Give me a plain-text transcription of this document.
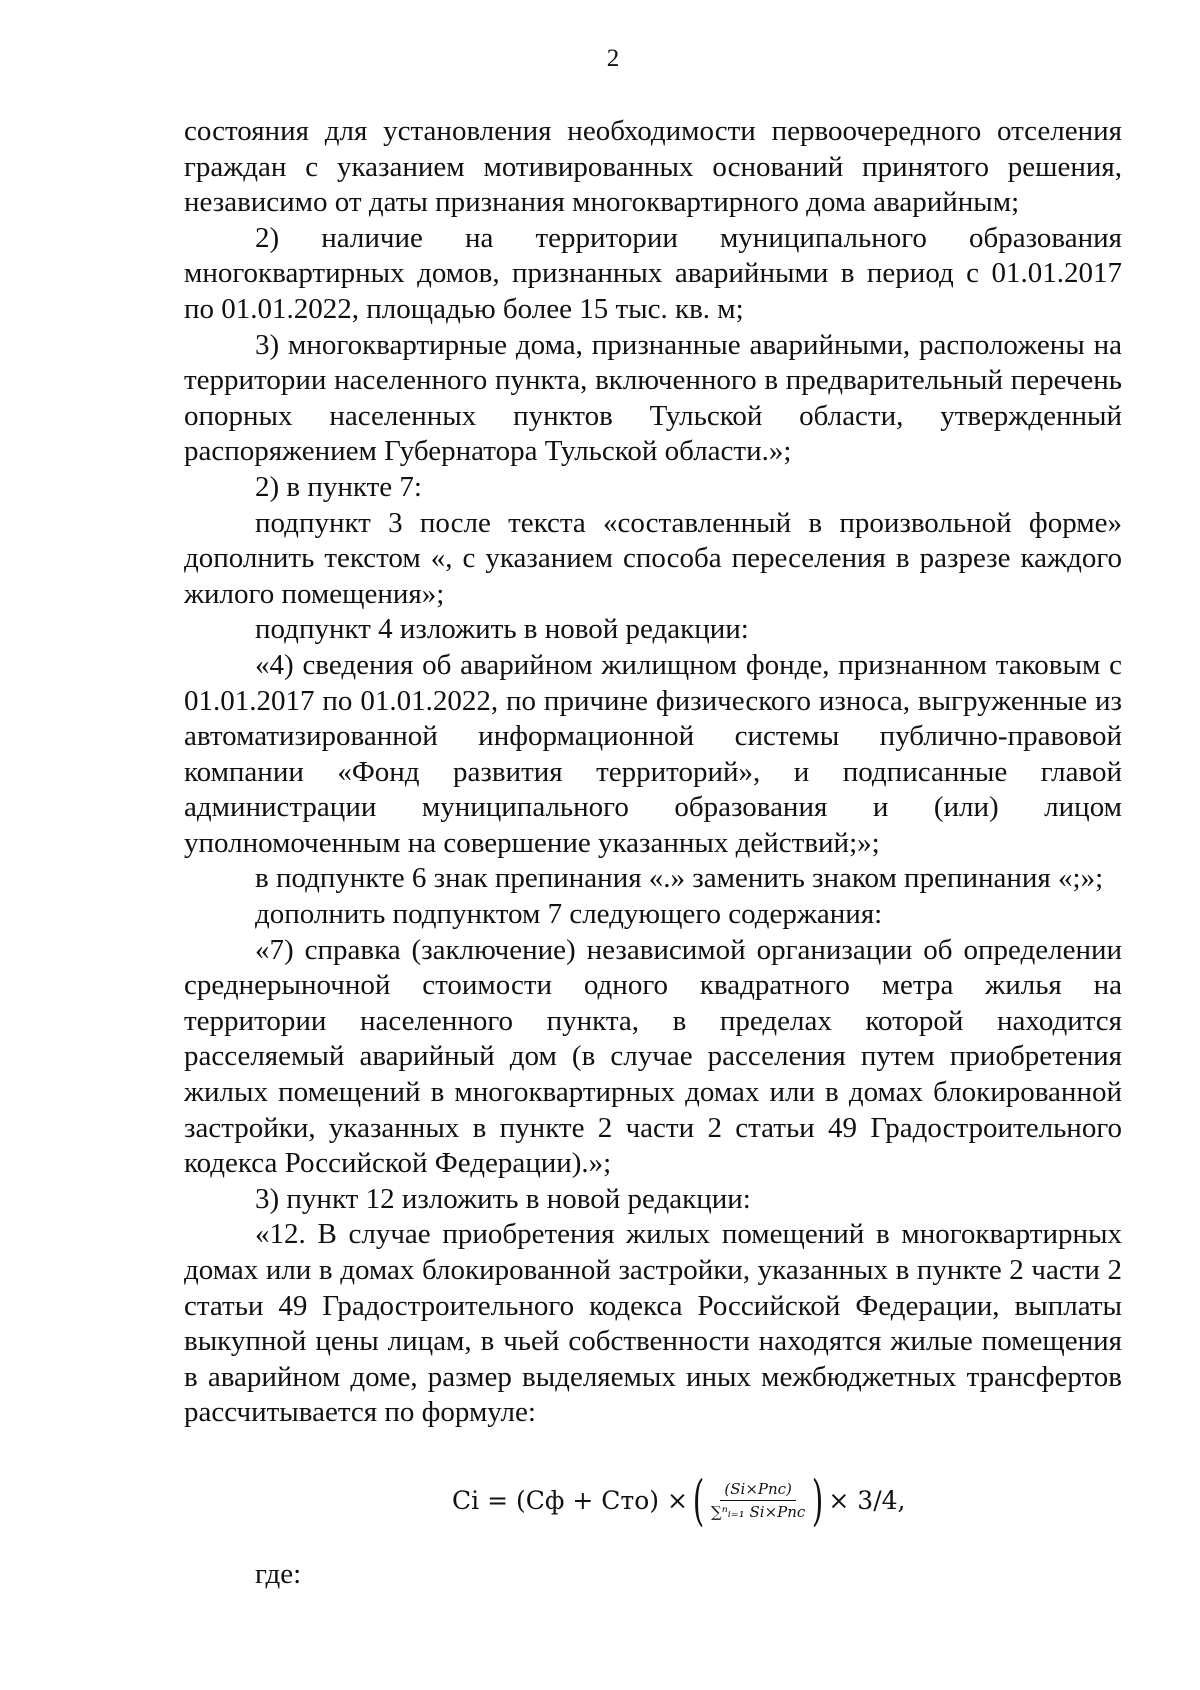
2

состояния для установления необходимости первоочередного отселения граждан с указанием мотивированных оснований принятого решения, независимо от даты признания многоквартирного дома аварийным;

2) наличие на территории муниципального образования многоквартирных домов, признанных аварийными в период с 01.01.2017 по 01.01.2022, площадью более 15 тыс. кв. м;

3) многоквартирные дома, признанные аварийными, расположены на территории населенного пункта, включенного в предварительный перечень опорных населенных пунктов Тульской области, утвержденный распоряжением Губернатора Тульской области.»;

2) в пункте 7:

подпункт 3 после текста «составленный в произвольной форме» дополнить текстом «, с указанием способа переселения в разрезе каждого жилого помещения»;

подпункт 4 изложить в новой редакции:

«4) сведения об аварийном жилищном фонде, признанном таковым с 01.01.2017 по 01.01.2022, по причине физического износа, выгруженные из автоматизированной информационной системы публично-правовой компании «Фонд развития территорий», и подписанные главой администрации муниципального образования и (или) лицом уполномоченным на совершение указанных действий;»;

в подпункте 6 знак препинания «.» заменить знаком препинания «;»;

дополнить подпунктом 7 следующего содержания:

«7) справка (заключение) независимой организации об определении среднерыночной стоимости одного квадратного метра жилья на территории населенного пункта, в пределах которой находится расселяемый аварийный дом (в случае расселения путем приобретения жилых помещений в многоквартирных домах или в домах блокированной застройки, указанных в пункте 2 части 2 статьи 49 Градостроительного кодекса Российской Федерации).»;

3) пункт 12 изложить в новой редакции:

«12. В случае приобретения жилых помещений в многоквартирных домах или в домах блокированной застройки, указанных в пункте 2 части 2 статьи 49 Градостроительного кодекса Российской Федерации, выплаты выкупной цены лицам, в чьей собственности находятся жилые помещения в аварийном доме, размер выделяемых иных межбюджетных трансфертов рассчитывается по формуле:

Сi = (Сф + Сто) × ( $\frac{\text{(Si×Рпс)}}{\text{∑ⁿᵢ₌₁ Si×Рпс}}$ ) × 3/4,
где:
